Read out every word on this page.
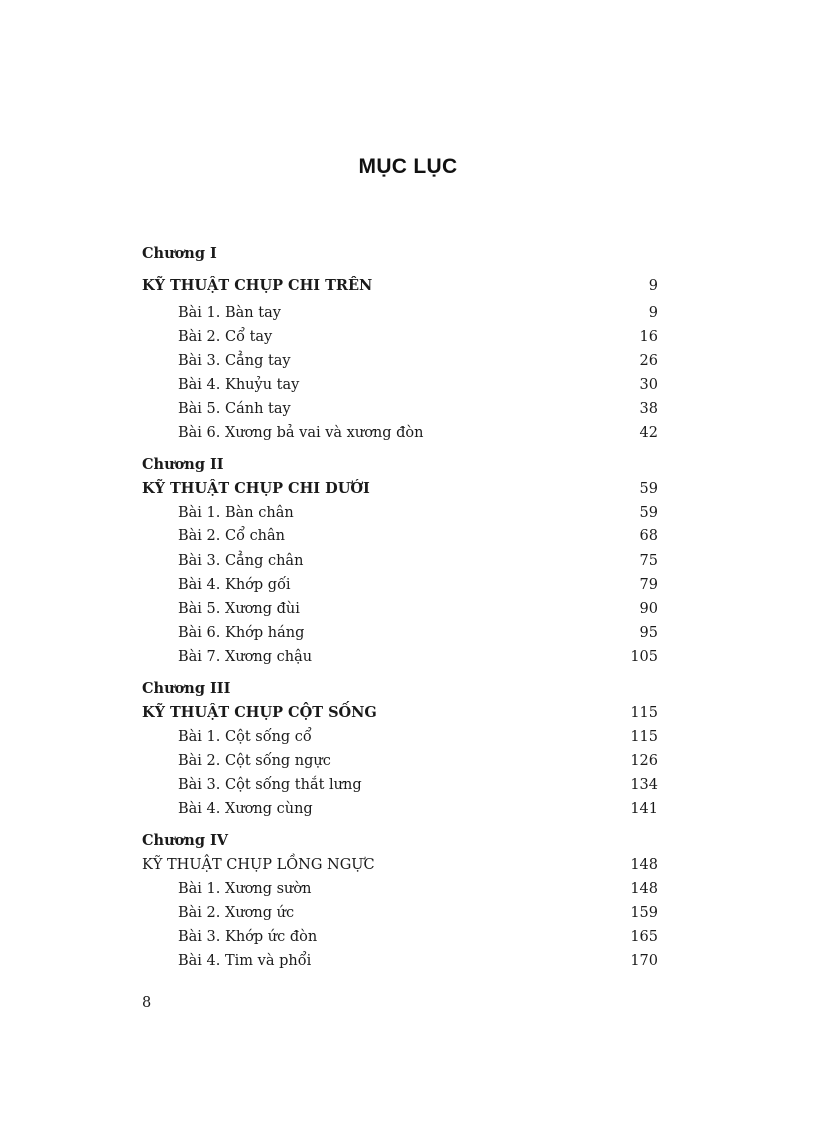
MỤC LỤC
Chương I
KỸ THUẬT CHỤP CHI TRÊN	9
Bài 1. Bàn tay	9
Bài 2. Cổ tay	16
Bài 3. Cẳng tay	26
Bài 4. Khuỷu tay	30
Bài 5. Cánh tay	38
Bài 6. Xương bả vai và xương đòn	42
Chương II
KỸ THUẬT CHỤP CHI DƯỚI	59
Bài 1. Bàn chân	59
Bài 2. Cổ chân	68
Bài 3. Cẳng chân	75
Bài 4. Khớp gối	79
Bài 5. Xương đùi	90
Bài 6. Khớp háng	95
Bài 7. Xương chậu	105
Chương III
KỸ THUẬT CHỤP CỘT SỐNG	115
Bài 1. Cột sống cổ	115
Bài 2. Cột sống ngực	126
Bài 3. Cột sống thắt lưng	134
Bài 4. Xương cùng	141
Chương IV
KỸ THUẬT CHỤP LỒNG NGỰC	148
Bài 1. Xương sườn	148
Bài 2. Xương ức	159
Bài 3. Khớp ức đòn	165
Bài 4. Tim và phổi	170
8
